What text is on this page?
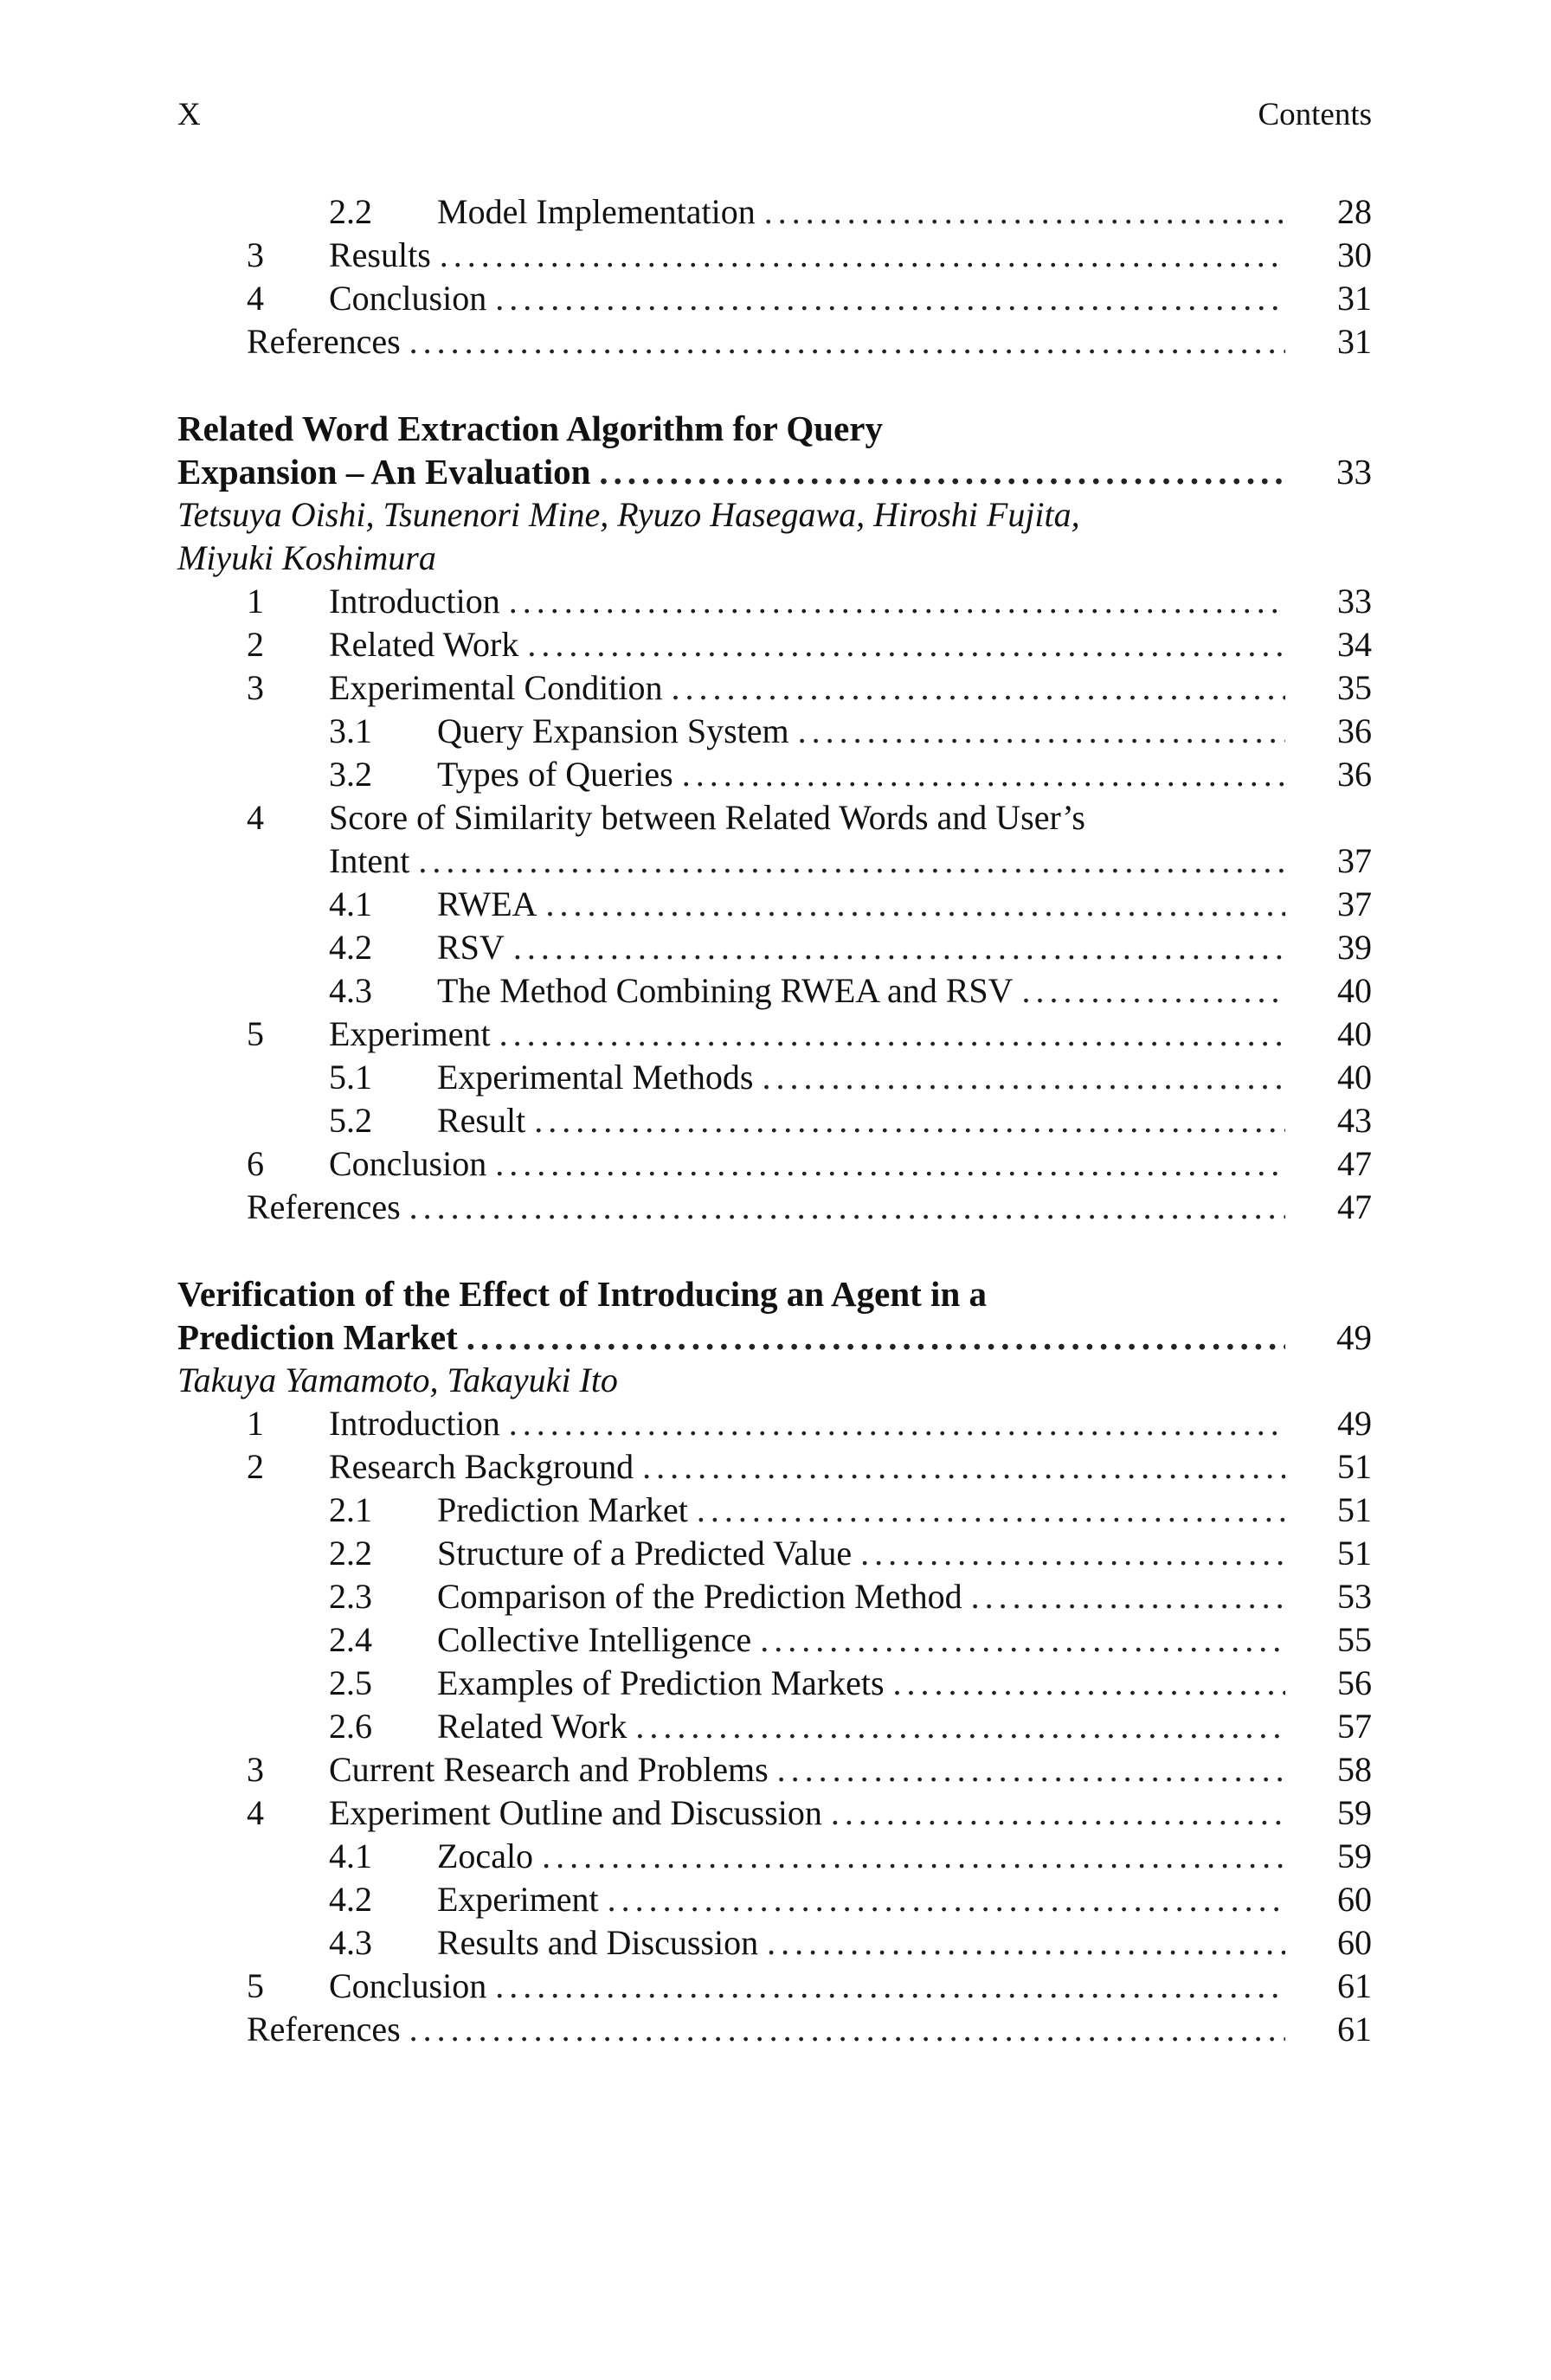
X	Contents
2.2 Model Implementation .....	28
3 Results .....	30
4 Conclusion .....	31
References .....	31
Related Word Extraction Algorithm for Query
Expansion – An Evaluation .....	33
Tetsuya Oishi, Tsunenori Mine, Ryuzo Hasegawa, Hiroshi Fujita,
Miyuki Koshimura
1 Introduction .....	33
2 Related Work .....	34
3 Experimental Condition .....	35
3.1 Query Expansion System .....	36
3.2 Types of Queries .....	36
4 Score of Similarity between Related Words and User’s
Intent .....	37
4.1 RWEA .....	37
4.2 RSV .....	39
4.3 The Method Combining RWEA and RSV .....	40
5 Experiment .....	40
5.1 Experimental Methods .....	40
5.2 Result .....	43
6 Conclusion .....	47
References .....	47
Verification of the Effect of Introducing an Agent in a
Prediction Market .....	49
Takuya Yamamoto, Takayuki Ito
1 Introduction .....	49
2 Research Background .....	51
2.1 Prediction Market .....	51
2.2 Structure of a Predicted Value .....	51
2.3 Comparison of the Prediction Method .....	53
2.4 Collective Intelligence .....	55
2.5 Examples of Prediction Markets .....	56
2.6 Related Work .....	57
3 Current Research and Problems .....	58
4 Experiment Outline and Discussion .....	59
4.1 Zocalo .....	59
4.2 Experiment .....	60
4.3 Results and Discussion .....	60
5 Conclusion .....	61
References .....	61
